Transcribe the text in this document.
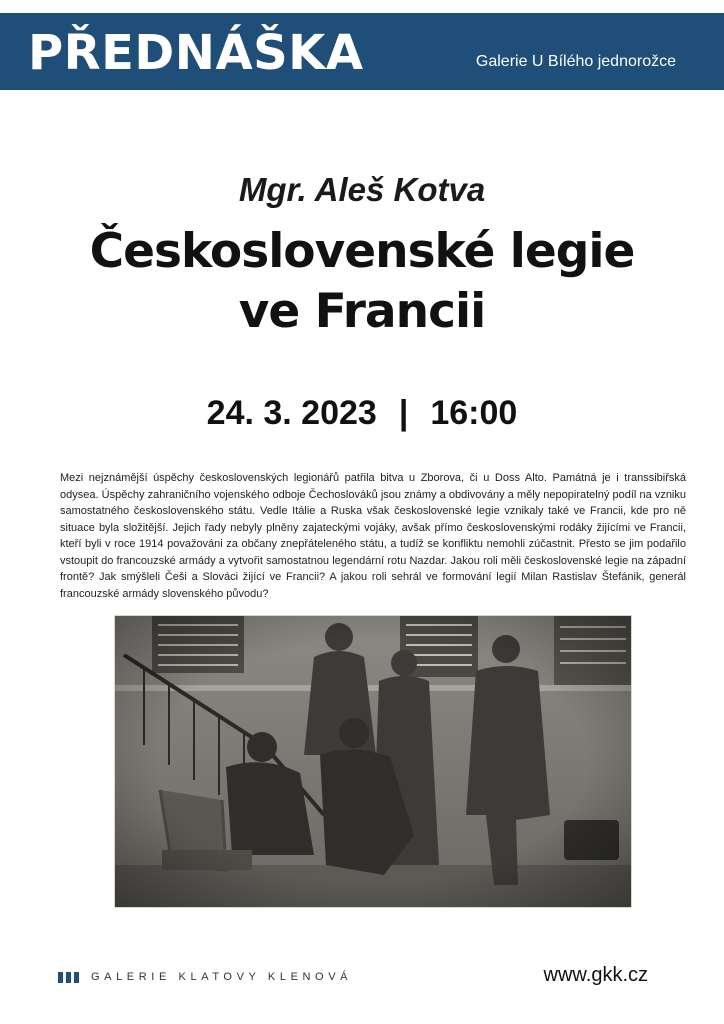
PŘEDNÁŠKA	Galerie U Bílého jednorožce
Mgr. Aleš Kotva
Československé legie
ve Francii
24. 3. 2023 | 16:00

Mezi nejznámější úspěchy československých legionářů patřila bitva u Zborova, či u Doss Alto. Památná je i transsibiřská odysea. Úspěchy zahraničního vojenského odboje Čechoslováků jsou známy a obdivovány a měly nepopiratelný podíl na vzniku samostatného československého státu. Vedle Itálie a Ruska však československé legie vznikaly také ve Francii, kde pro ně situace byla složitější. Jejich řady nebyly plněny zajateckými vojáky, avšak přímo československými rodáky žijícími ve Francii, kteří byli v roce 1914 považováni za občany znepřáteleného státu, a tudíž se konfliktu nemohli zúčastnit. Přesto se jim podařilo vstoupit do francouzské armády a vytvořit samostatnou legendární rotu Nazdar. Jakou roli měli československé legie na západní frontě? Jak smýšleli Češi a Slováci žijící ve Francii? A jakou roli sehrál ve formování legií Milan Rastislav Štefánik, generál francouzské armády slovenského původu?

GALERIE KLATOVY KLENOVÁ	www.gkk.cz
